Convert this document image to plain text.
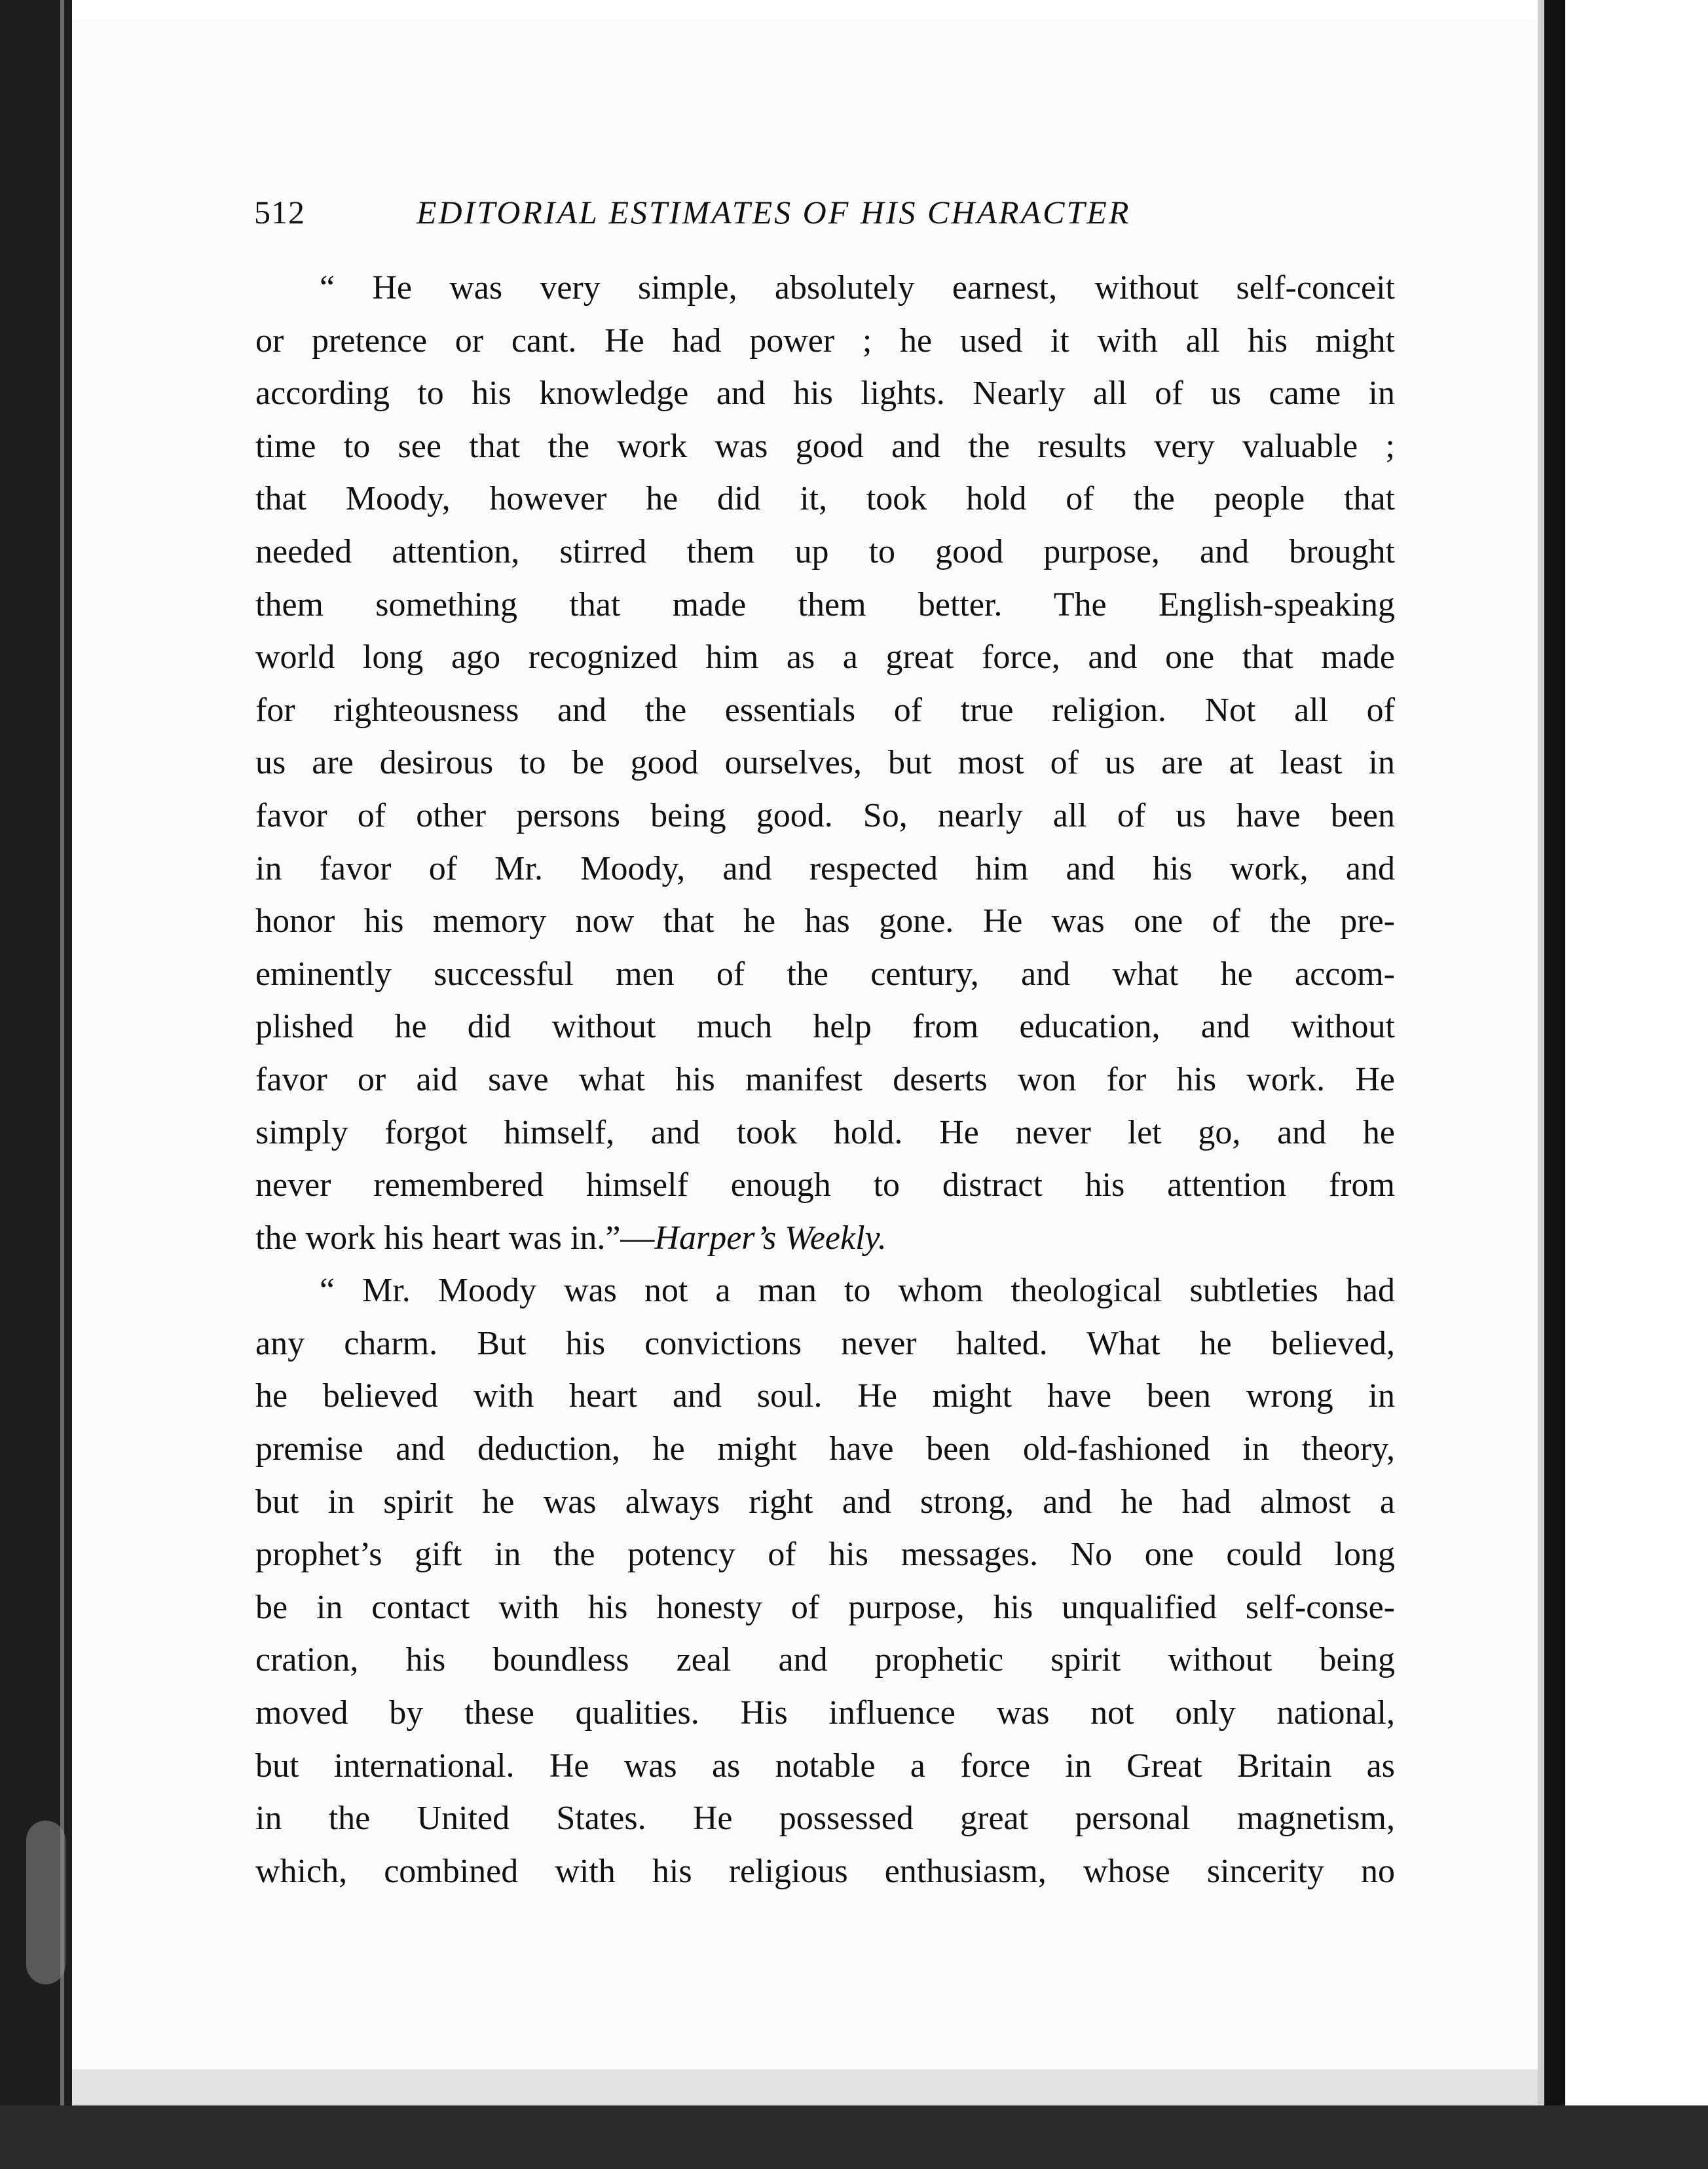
512	EDITORIAL ESTIMATES OF HIS CHARACTER
“ He was very simple, absolutely earnest, without self-conceit
or pretence or cant. He had power ; he used it with all his might
according to his knowledge and his lights. Nearly all of us came in
time to see that the work was good and the results very valuable ;
that Moody, however he did it, took hold of the people that
needed attention, stirred them up to good purpose, and brought
them something that made them better. The English-speaking
world long ago recognized him as a great force, and one that made
for righteousness and the essentials of true religion. Not all of
us are desirous to be good ourselves, but most of us are at least in
favor of other persons being good. So, nearly all of us have been
in favor of Mr. Moody, and respected him and his work, and
honor his memory now that he has gone. He was one of the pre-
eminently successful men of the century, and what he accom-
plished he did without much help from education, and without
favor or aid save what his manifest deserts won for his work. He
simply forgot himself, and took hold. He never let go, and he
never remembered himself enough to distract his attention from
the work his heart was in.”—Harper’s Weekly.
“ Mr. Moody was not a man to whom theological subtleties had
any charm. But his convictions never halted. What he believed,
he believed with heart and soul. He might have been wrong in
premise and deduction, he might have been old-fashioned in theory,
but in spirit he was always right and strong, and he had almost a
prophet’s gift in the potency of his messages. No one could long
be in contact with his honesty of purpose, his unqualified self-conse-
cration, his boundless zeal and prophetic spirit without being
moved by these qualities. His influence was not only national,
but international. He was as notable a force in Great Britain as
in the United States. He possessed great personal magnetism,
which, combined with his religious enthusiasm, whose sincerity no
